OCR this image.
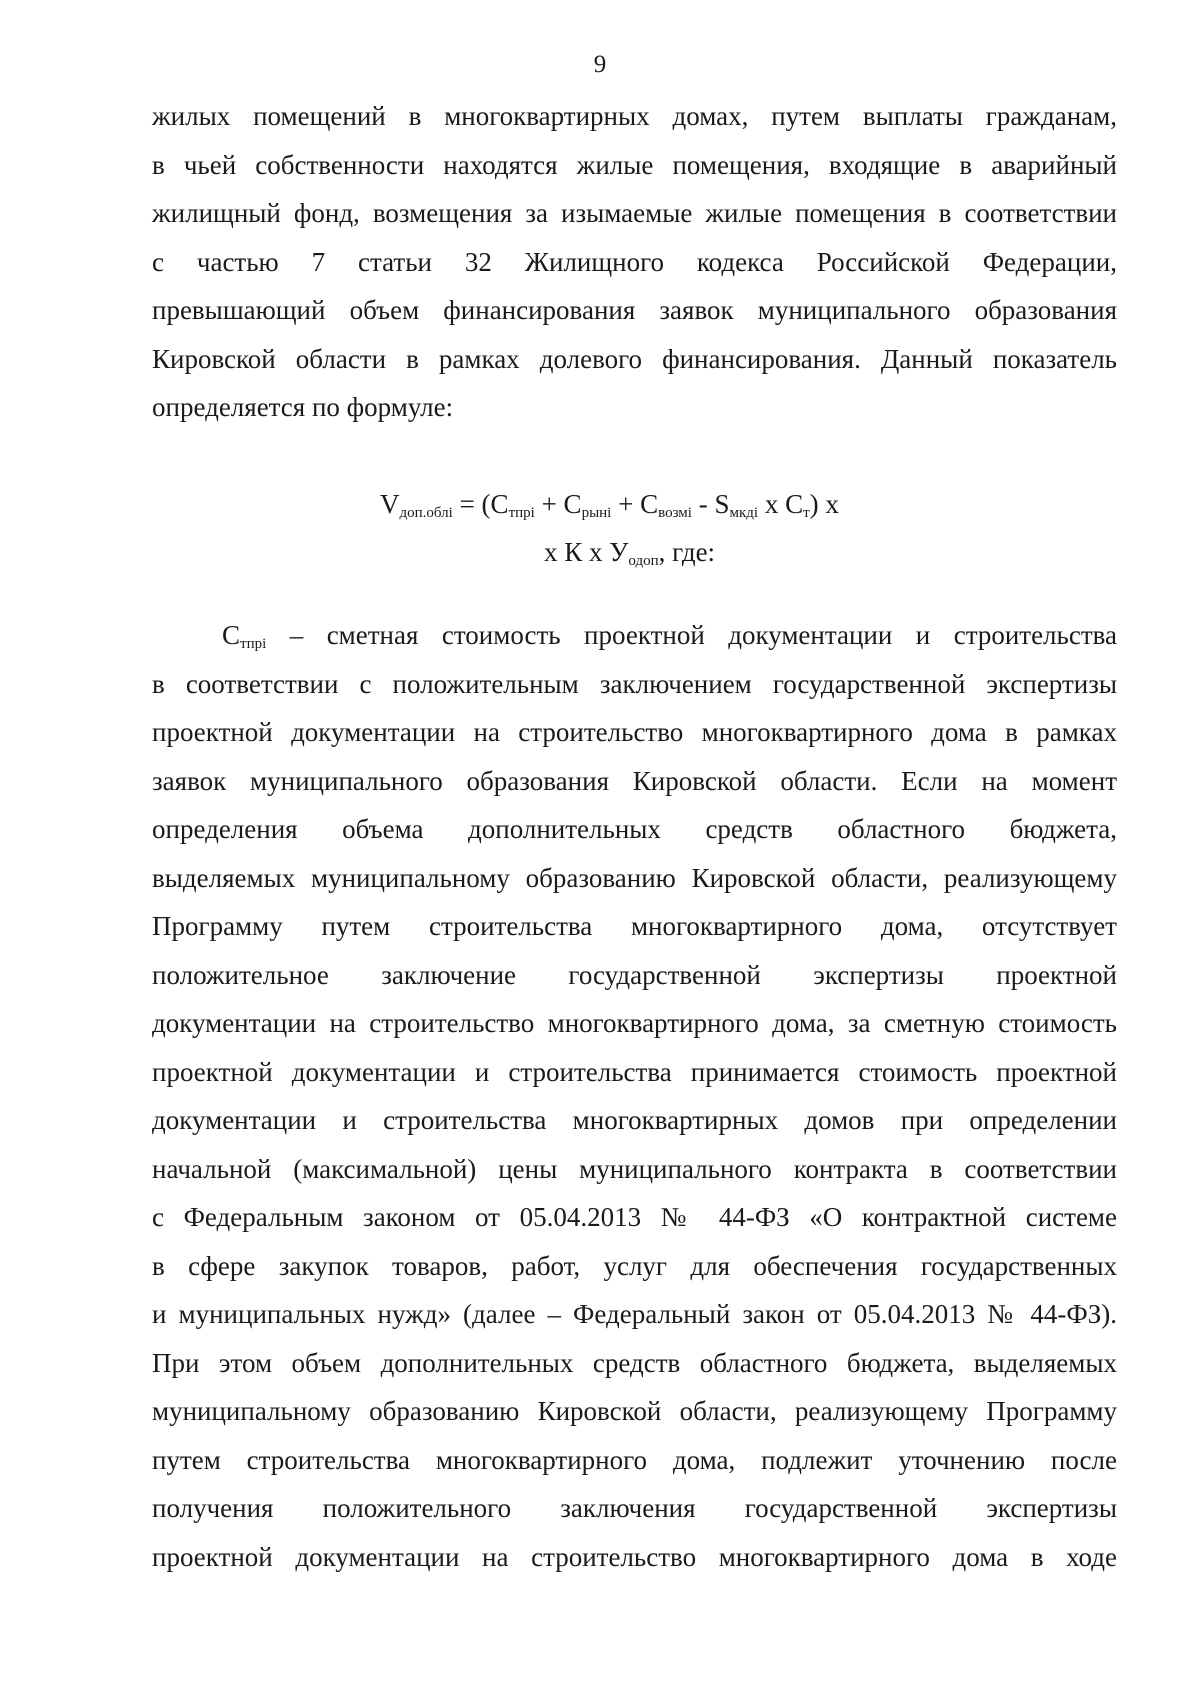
9
жилых помещений в многоквартирных домах, путем выплаты гражданам,
в чьей собственности находятся жилые помещения, входящие в аварийный
жилищный фонд, возмещения за изымаемые жилые помещения в соответствии
с частью 7 статьи 32 Жилищного кодекса Российской Федерации,
превышающий объем финансирования заявок муниципального образования
Кировской области в рамках долевого финансирования. Данный показатель
определяется по формуле:
$V_{доп.облi} = (С_{тпрi} + С_{рынi} + С_{возмi} - S_{мкдi}$ x $С_т$) x
x К x $У_{одоп}$, где:
$С_{тпрi}$ – сметная стоимость проектной документации и строительства
в соответствии с положительным заключением государственной экспертизы
проектной документации на строительство многоквартирного дома в рамках
заявок муниципального образования Кировской области. Если на момент
определения объема дополнительных средств областного бюджета,
выделяемых муниципальному образованию Кировской области, реализующему
Программу путем строительства многоквартирного дома, отсутствует
положительное заключение государственной экспертизы проектной
документации на строительство многоквартирного дома, за сметную стоимость
проектной документации и строительства принимается стоимость проектной
документации и строительства многоквартирных домов при определении
начальной (максимальной) цены муниципального контракта в соответствии
с Федеральным законом от 05.04.2013 № 44-ФЗ «О контрактной системе
в сфере закупок товаров, работ, услуг для обеспечения государственных
и муниципальных нужд» (далее – Федеральный закон от 05.04.2013 № 44-ФЗ).
При этом объем дополнительных средств областного бюджета, выделяемых
муниципальному образованию Кировской области, реализующему Программу
путем строительства многоквартирного дома, подлежит уточнению после
получения положительного заключения государственной экспертизы
проектной документации на строительство многоквартирного дома в ходе
